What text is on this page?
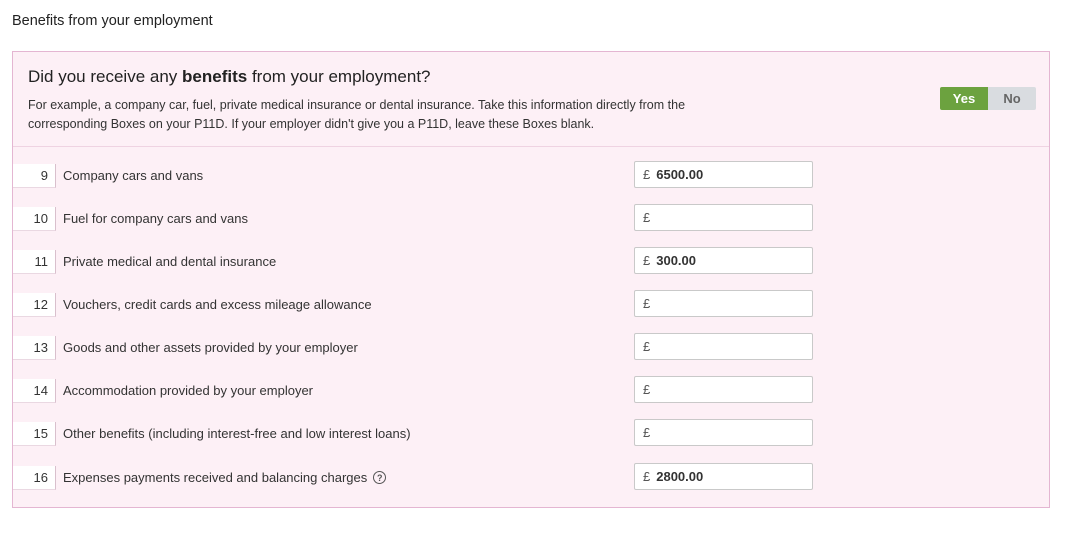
Benefits from your employment
Did you receive any benefits from your employment?
For example, a company car, fuel, private medical insurance or dental insurance. Take this information directly from the corresponding Boxes on your P11D. If your employer didn't give you a P11D, leave these Boxes blank.
Yes	No
9	Company cars and vans	£ 6500.00
10	Fuel for company cars and vans	£
11	Private medical and dental insurance	£ 300.00
12	Vouchers, credit cards and excess mileage allowance	£
13	Goods and other assets provided by your employer	£
14	Accommodation provided by your employer	£
15	Other benefits (including interest-free and low interest loans)	£
16	Expenses payments received and balancing charges	?	£ 2800.00
